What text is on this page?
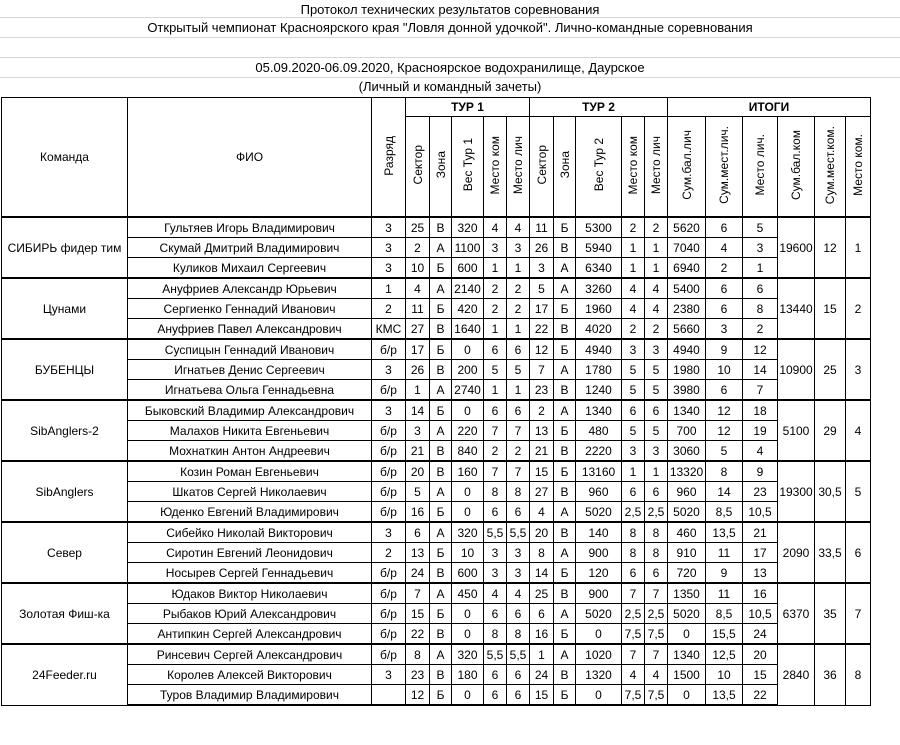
Протокол технических результатов соревнования
Открытый чемпионат Красноярского края "Ловля донной удочкой". Лично-командные соревнования
05.09.2020-06.09.2020, Красноярское водохранилище, Даурское
(Личный и командный зачеты)
Команда	ФИО	Разряд	ТУР 1					ТУР 2					ИТОГИ					
			Сектор	Зона	Вес Тур 1	Место ком	Место лич	Сектор	Зона	Вес Тур 2	Место ком	Место лич	Сум.бал.лич	Сум.мест.лич.	Место лич.	Сум.бал.ком	Сум.мест.ком.	Место ком.
СИБИРЬ фидер тим	Гультяев Игорь Владимирович	3	25	В	320	4	4	11	Б	5300	2	2	5620	6	5	19600	12	1
	Скумай Дмитрий Владимирович	3	2	А	1100	3	3	26	В	5940	1	1	7040	4	3			
	Куликов Михаил Сергеевич	3	10	Б	600	1	1	3	А	6340	1	1	6940	2	1			
Цунами	Ануфриев Александр Юрьевич	1	4	А	2140	2	2	5	А	3260	4	4	5400	6	6	13440	15	2
	Сергиенко Геннадий Иванович	2	11	Б	420	2	2	17	Б	1960	4	4	2380	6	8			
	Ануфриев Павел Александрович	КМС	27	В	1640	1	1	22	В	4020	2	2	5660	3	2			
БУБЕНЦЫ	Суспицын Геннадий Иванович	б/р	17	Б	0	6	6	12	Б	4940	3	3	4940	9	12	10900	25	3
	Игнатьев Денис Сергеевич	3	26	В	200	5	5	7	А	1780	5	5	1980	10	14			
	Игнатьева Ольга Геннадьевна	б/р	1	А	2740	1	1	23	В	1240	5	5	3980	6	7			
SibAnglers-2	Быковский Владимир Александрович	3	14	Б	0	6	6	2	А	1340	6	6	1340	12	18	5100	29	4
	Малахов Никита Евгеньевич	б/р	3	А	220	7	7	13	Б	480	5	5	700	12	19			
	Мохнаткин Антон Андреевич	б/р	21	В	840	2	2	21	В	2220	3	3	3060	5	4			
SibAnglers	Козин Роман Евгеньевич	б/р	20	В	160	7	7	15	Б	13160	1	1	13320	8	9	19300	30,5	5
	Шкатов Сергей Николаевич	б/р	5	А	0	8	8	27	В	960	6	6	960	14	23			
	Юденко Евгений Владимирович	б/р	16	Б	0	6	6	4	А	5020	2,5	2,5	5020	8,5	10,5			
Север	Сибейко Николай Викторович	3	6	А	320	5,5	5,5	20	В	140	8	8	460	13,5	21	2090	33,5	6
	Сиротин Евгений Леонидович	2	13	Б	10	3	3	8	А	900	8	8	910	11	17			
	Носырев Сергей Геннадьевич	б/р	24	В	600	3	3	14	Б	120	6	6	720	9	13			
Золотая Фиш-ка	Юдаков Виктор Николаевич	б/р	7	А	450	4	4	25	В	900	7	7	1350	11	16	6370	35	7
	Рыбаков Юрий Александрович	б/р	15	Б	0	6	6	6	А	5020	2,5	2,5	5020	8,5	10,5			
	Антипкин Сергей Александрович	б/р	22	В	0	8	8	16	Б	0	7,5	7,5	0	15,5	24			
24Feeder.ru	Ринсевич Сергей Александрович	б/р	8	А	320	5,5	5,5	1	А	1020	7	7	1340	12,5	20	2840	36	8
	Королев Алексей Викторович	3	23	В	180	6	6	24	В	1320	4	4	1500	10	15			
	Туров Владимир Владимирович		12	Б	0	6	6	15	Б	0	7,5	7,5	0	13,5	22			
